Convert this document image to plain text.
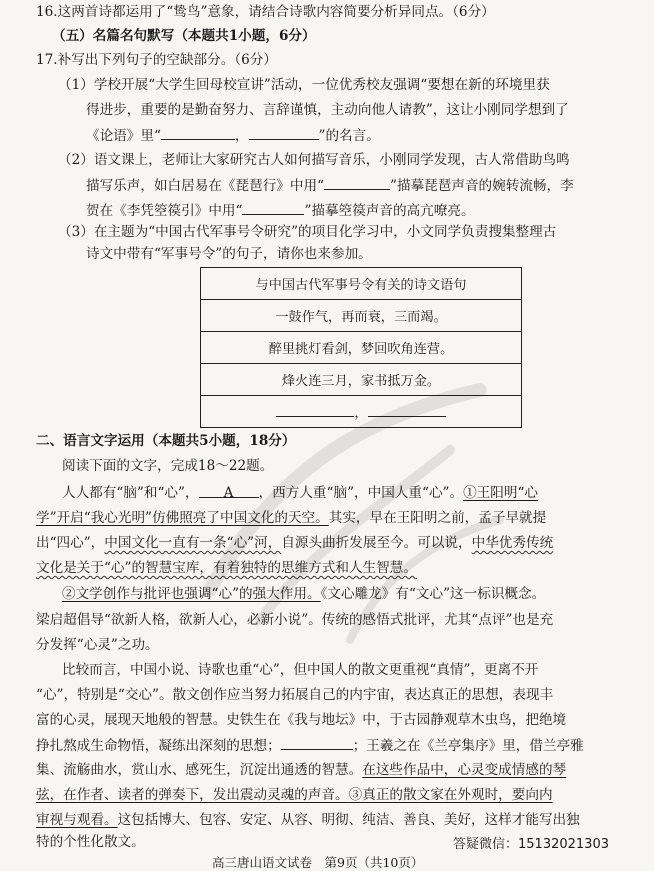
16.这两首诗都运用了“鸷鸟”意象，请结合诗歌内容简要分析异同点。（6分）
（五）名篇名句默写（本题共1小题，6分）
17.补写出下列句子的空缺部分。（6分）
（1）学校开展“大学生回母校宣讲”活动，一位优秀校友强调“要想在新的环境里获
得进步，重要的是勤奋努力、言辞谨慎，主动向他人请教”，这让小刚同学想到了
《论语》里“	，	”的名言。
（2）语文课上，老师让大家研究古人如何描写音乐，小刚同学发现，古人常借助鸟鸣
描写乐声，如白居易在《琵琶行》中用“	”描摹琵琶声音的婉转流畅，李
贺在《李凭箜篌引》中用“	”描摹箜篌声音的高亢嘹亮。
（3）在主题为“中国古代军事号令研究”的项目化学习中，小文同学负责搜集整理古
诗文中带有“军事号令”的句子，请你也来参加。
与中国古代军事号令有关的诗文语句
一鼓作气，再而衰，三而竭。
醉里挑灯看剑，梦回吹角连营。
烽火连三月，家书抵万金。
，
二、语言文字运用（本题共5小题，18分）
阅读下面的文字，完成18～22题。
人人都有“脑”和“心”， A ，西方人重“脑”，中国人重“心”。①王阳明“心
学”开启“我心光明”仿佛照亮了中国文化的天空。其实，早在王阳明之前，孟子早就提
出“四心”，中国文化一直有一条“心”河，自源头曲折发展至今。可以说，中华优秀传统
文化是关于“心”的智慧宝库，有着独特的思维方式和人生智慧。
②文学创作与批评也强调“心”的强大作用。《文心雕龙》有“文心”这一标识概念。
梁启超倡导“欲新人格，欲新人心，必新小说”。传统的感悟式批评，尤其“点评”也是充
分发挥“心灵”之功。
比较而言，中国小说、诗歌也重“心”，但中国人的散文更重视“真情”，更离不开
“心”，特别是“交心”。散文创作应当努力拓展自己的内宇宙，表达真正的思想，表现丰
富的心灵，展现天地般的智慧。史铁生在《我与地坛》中，于古园静观草木虫鸟，把绝境
挣扎熬成生命物悟，凝练出深刻的思想；	；王羲之在《兰亭集序》里，借兰亭雅
集、流觞曲水，赏山水、感死生，沉淀出通透的智慧。在这些作品中，心灵变成情感的琴
弦，在作者、读者的弹奏下，发出震动灵魂的声音。③真正的散文家在外观时，要向内
审视与观看。这包括博大、包容、安定、从容、明彻、纯洁、善良、美好，这样才能写出独
特的个性化散文。	答疑微信：15132021303
高三唐山语文试卷　第9页（共10页）
